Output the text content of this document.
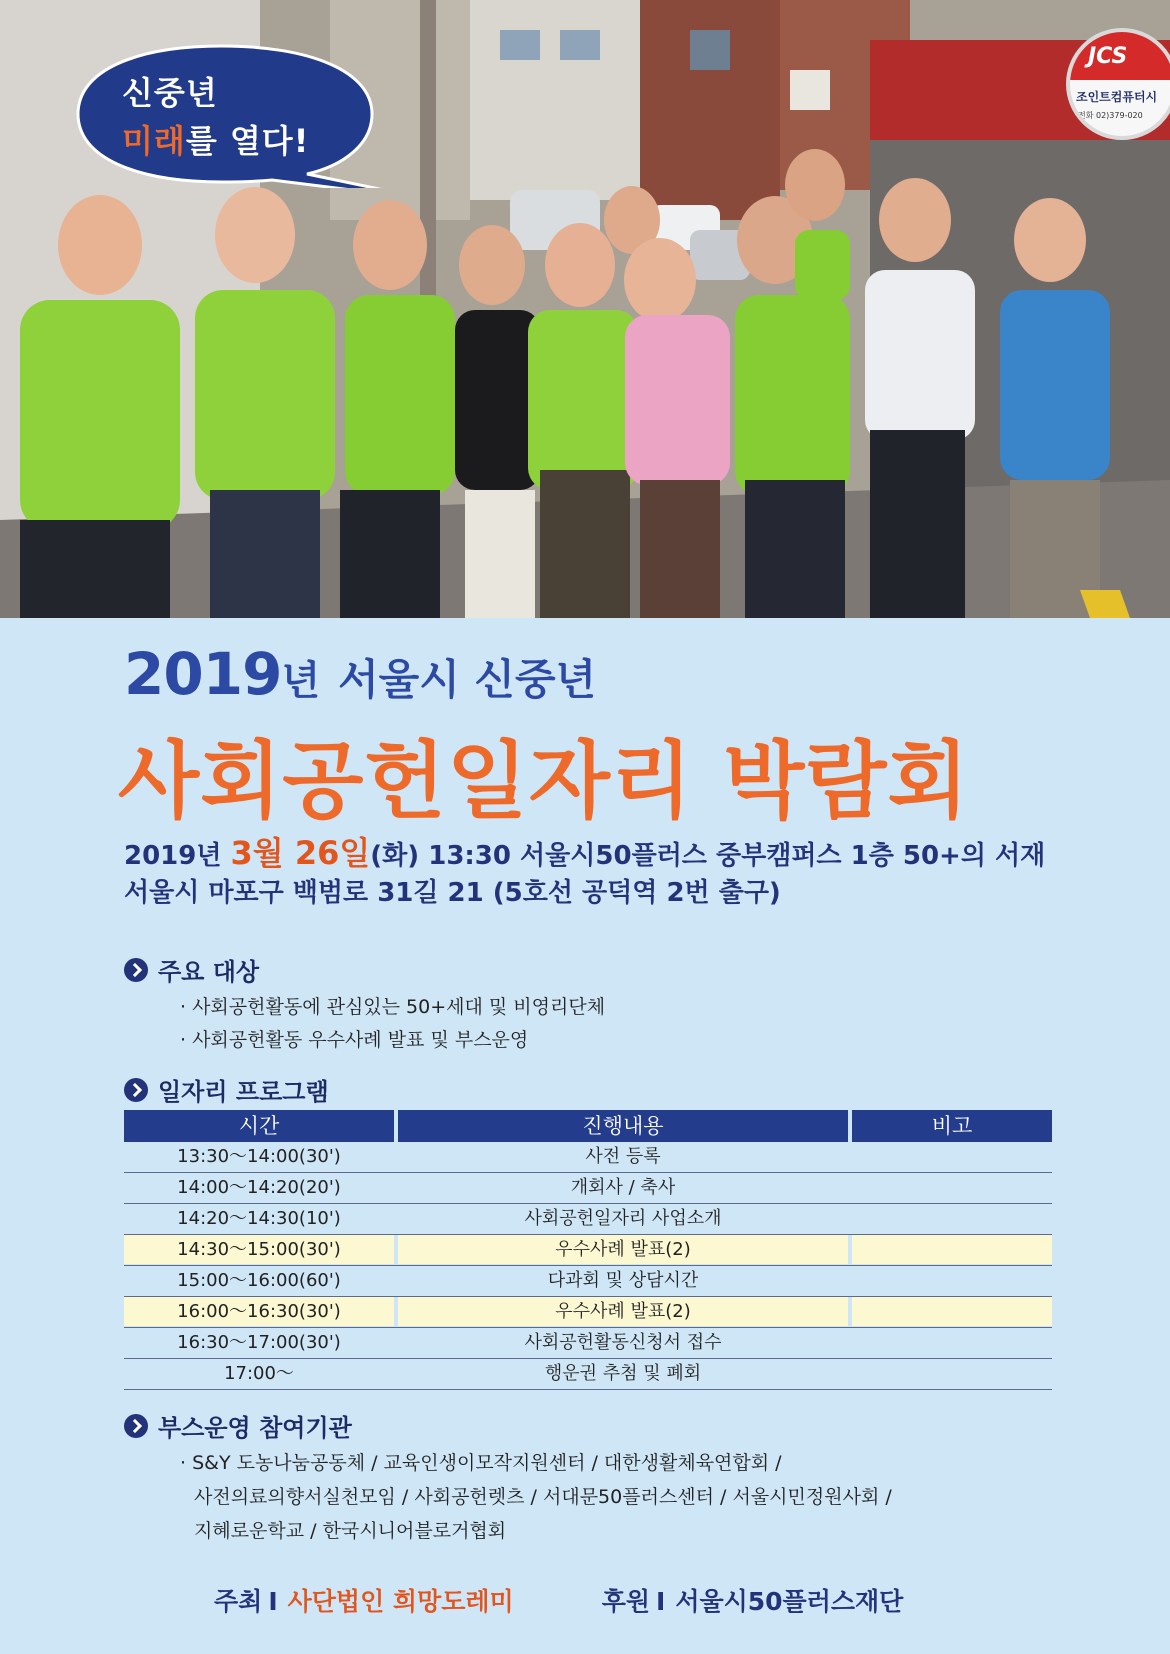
신중년
미래를 열다!
JCS
조인트컴퓨터시
전화 02)379-020
2019년 서울시 신중년
사회공헌일자리 박람회
2019년 3월 26일(화) 13:30 서울시50플러스 중부캠퍼스 1층 50+의 서재
서울시 마포구 백범로 31길 21 (5호선 공덕역 2번 출구)
주요 대상
· 사회공헌활동에 관심있는 50+세대 및 비영리단체
· 사회공헌활동 우수사례 발표 및 부스운영
일자리 프로그램
시간	진행내용	비고
13:30～14:00(30')	사전 등록
14:00～14:20(20')	개회사 / 축사
14:20～14:30(10')	사회공헌일자리 사업소개
14:30～15:00(30')	우수사례 발표(2)
15:00～16:00(60')	다과회 및 상담시간
16:00～16:30(30')	우수사례 발표(2)
16:30～17:00(30')	사회공헌활동신청서 접수
17:00～	행운권 추첨 및 폐회
부스운영 참여기관
· S&Y 도농나눔공동체 / 교육인생이모작지원센터 / 대한생활체육연합회 /
사전의료의향서실천모임 / 사회공헌렛츠 / 서대문50플러스센터 / 서울시민정원사회 /
지혜로운학교 / 한국시니어블로거협회
주최 I 사단법인 희망도레미	후원 I 서울시50플러스재단
